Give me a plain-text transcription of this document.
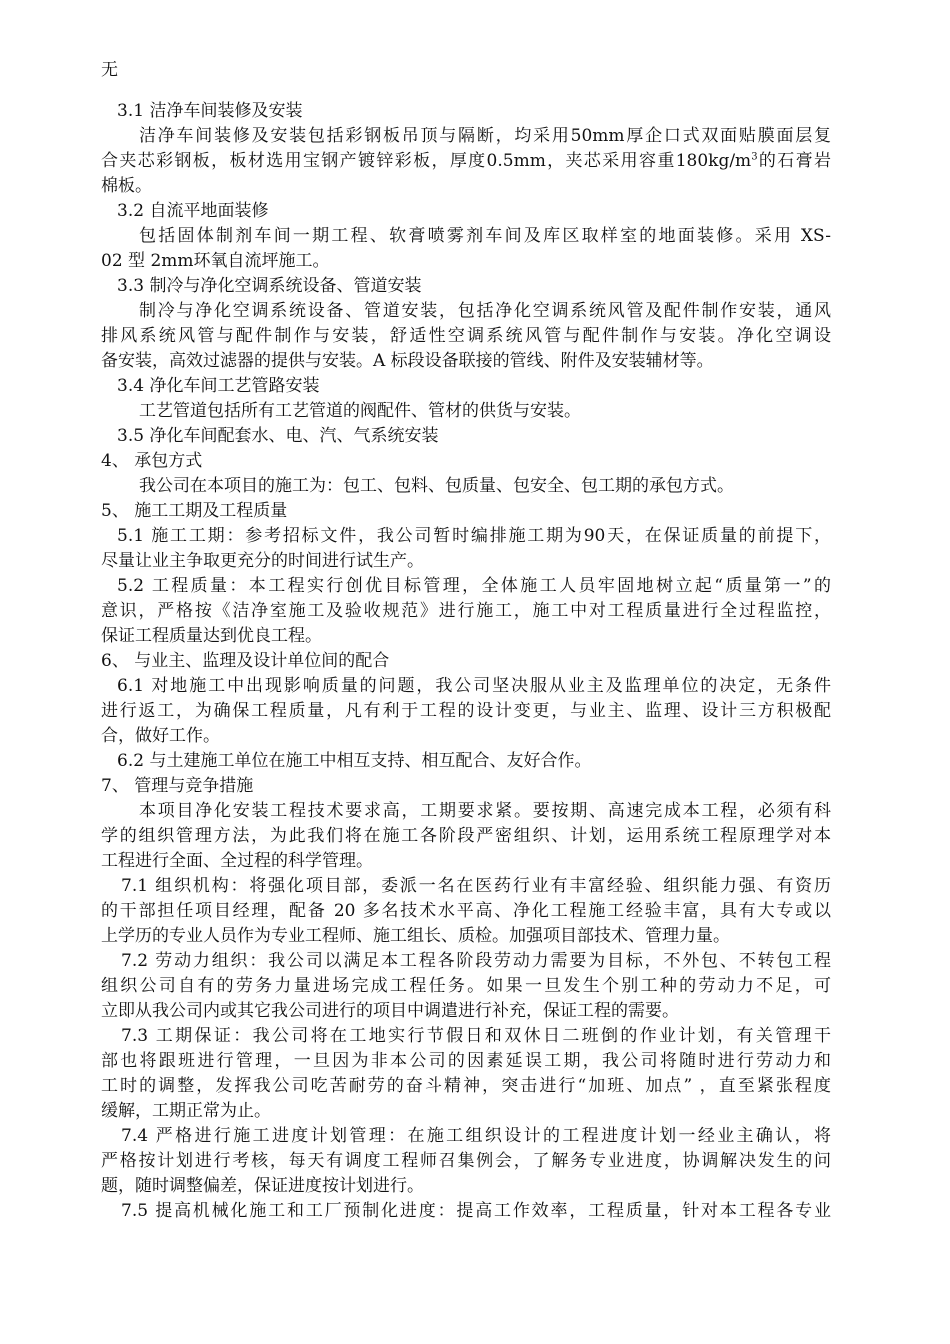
无

3.1 洁净车间装修及安装

洁净车间装修及安装包括彩钢板吊顶与隔断，均采用50mm厚企口式双面贴膜面层复

合夹芯彩钢板，板材选用宝钢产镀锌彩板，厚度0.5mm，夹芯采用容重$180kg/m^3$的石膏岩

棉板。

3.2 自流平地面装修

包括固体制剂车间一期工程、软膏喷雾剂车间及库区取样室的地面装修。采用 XS-

02 型 2mm环氧自流坪施工。

3.3 制冷与净化空调系统设备、管道安装

制冷与净化空调系统设备、管道安装，包括净化空调系统风管及配件制作安装，通风

排风系统风管与配件制作与安装，舒适性空调系统风管与配件制作与安装。净化空调设

备安装，高效过滤器的提供与安装。A 标段设备联接的管线、附件及安装辅材等。

3.4 净化车间工艺管路安装

工艺管道包括所有工艺管道的阀配件、管材的供货与安装。

3.5 净化车间配套水、电、汽、气系统安装

4、 承包方式

我公司在本项目的施工为：包工、包料、包质量、包安全、包工期的承包方式。

5、 施工工期及工程质量

5.1 施工工期：参考招标文件，我公司暂时编排施工期为90天，在保证质量的前提下，

尽量让业主争取更充分的时间进行试生产。

5.2 工程质量：本工程实行创优目标管理，全体施工人员牢固地树立起“质量第一”的

意识，严格按《洁净室施工及验收规范》进行施工，施工中对工程质量进行全过程监控，

保证工程质量达到优良工程。

6、 与业主、监理及设计单位间的配合

6.1 对地施工中出现影响质量的问题，我公司坚决服从业主及监理单位的决定，无条件

进行返工，为确保工程质量，凡有利于工程的设计变更，与业主、监理、设计三方积极配

合，做好工作。

6.2 与土建施工单位在施工中相互支持、相互配合、友好合作。

7、 管理与竞争措施

本项目净化安装工程技术要求高，工期要求紧。要按期、高速完成本工程，必须有科

学的组织管理方法，为此我们将在施工各阶段严密组织、计划，运用系统工程原理学对本

工程进行全面、全过程的科学管理。

7.1 组织机构：将强化项目部，委派一名在医药行业有丰富经验、组织能力强、有资历

的干部担任项目经理，配备 20 多名技术水平高、净化工程施工经验丰富，具有大专或以

上学历的专业人员作为专业工程师、施工组长、质检。加强项目部技术、管理力量。

7.2 劳动力组织：我公司以满足本工程各阶段劳动力需要为目标，不外包、不转包工程

组织公司自有的劳务力量进场完成工程任务。如果一旦发生个别工种的劳动力不足，可

立即从我公司内或其它我公司进行的项目中调遣进行补充，保证工程的需要。

7.3 工期保证：我公司将在工地实行节假日和双休日二班倒的作业计划，有关管理干

部也将跟班进行管理，一旦因为非本公司的因素延误工期，我公司将随时进行劳动力和

工时的调整，发挥我公司吃苦耐劳的奋斗精神，突击进行“加班、加点” ，直至紧张程度

缓解，工期正常为止。

7.4 严格进行施工进度计划管理：在施工组织设计的工程进度计划一经业主确认，将

严格按计划进行考核，每天有调度工程师召集例会，了解务专业进度，协调解决发生的问

题，随时调整偏差，保证进度按计划进行。

7.5 提高机械化施工和工厂预制化进度：提高工作效率，工程质量，针对本工程各专业
